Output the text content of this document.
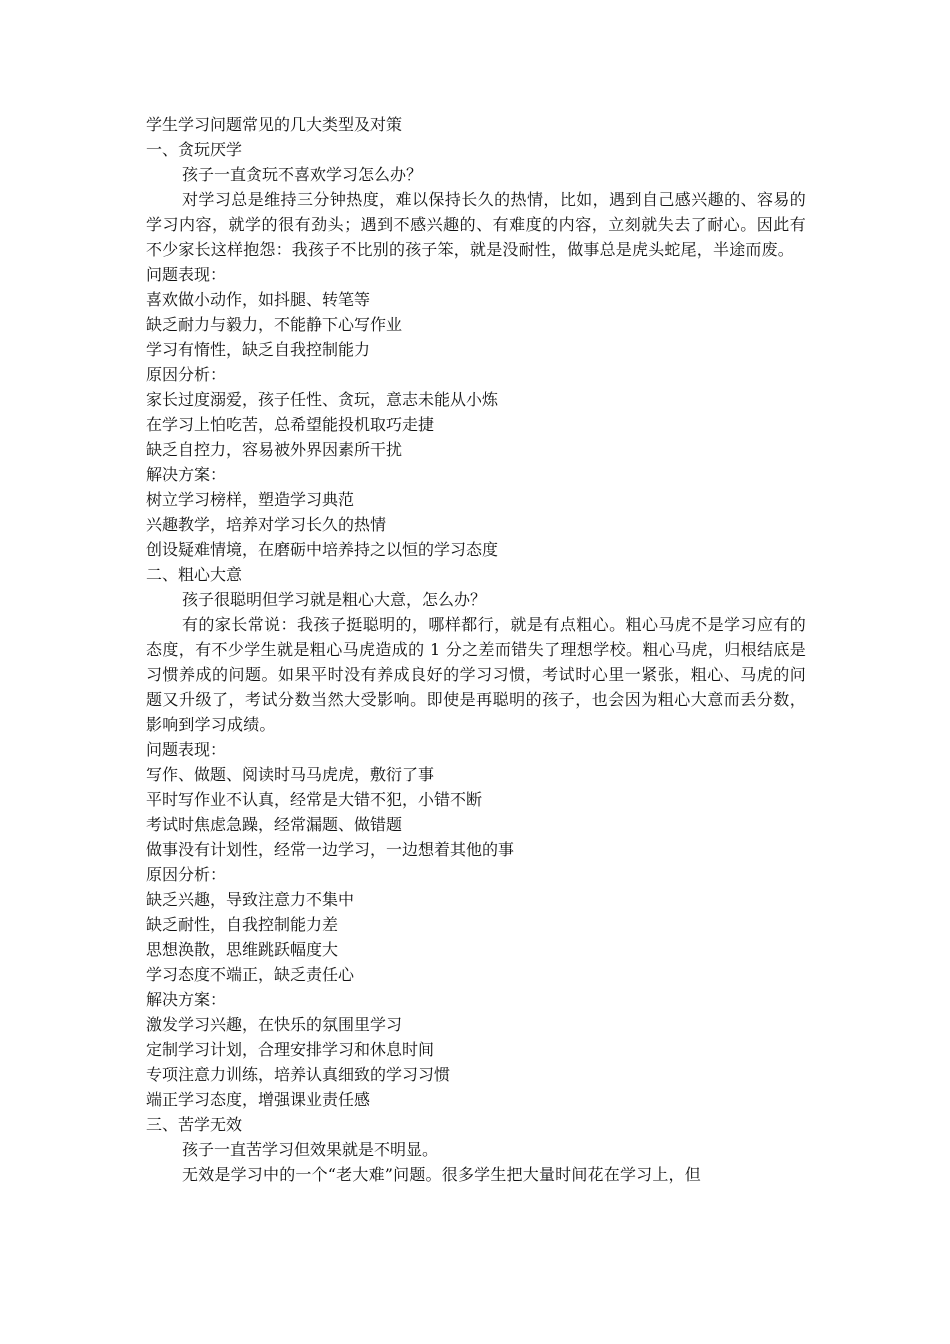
学生学习问题常见的几大类型及对策
一、贪玩厌学
孩子一直贪玩不喜欢学习怎么办？
对学习总是维持三分钟热度，难以保持长久的热情，比如，遇到自己感兴趣的、容易的学习内容，就学的很有劲头；遇到不感兴趣的、有难度的内容，立刻就失去了耐心。因此有不少家长这样抱怨：我孩子不比别的孩子笨，就是没耐性，做事总是虎头蛇尾，半途而废。
问题表现：
喜欢做小动作，如抖腿、转笔等
缺乏耐力与毅力，不能静下心写作业
学习有惰性，缺乏自我控制能力
原因分析：
家长过度溺爱，孩子任性、贪玩，意志未能从小炼
在学习上怕吃苦，总希望能投机取巧走捷
缺乏自控力，容易被外界因素所干扰
解决方案：
树立学习榜样，塑造学习典范
兴趣教学，培养对学习长久的热情
创设疑难情境，在磨砺中培养持之以恒的学习态度
二、粗心大意
孩子很聪明但学习就是粗心大意，怎么办？
有的家长常说：我孩子挺聪明的，哪样都行，就是有点粗心。粗心马虎不是学习应有的态度，有不少学生就是粗心马虎造成的 1 分之差而错失了理想学校。粗心马虎，归根结底是习惯养成的问题。如果平时没有养成良好的学习习惯，考试时心里一紧张，粗心、马虎的问题又升级了，考试分数当然大受影响。即使是再聪明的孩子，也会因为粗心大意而丢分数，影响到学习成绩。
问题表现：
写作、做题、阅读时马马虎虎，敷衍了事
平时写作业不认真，经常是大错不犯，小错不断
考试时焦虑急躁，经常漏题、做错题
做事没有计划性，经常一边学习，一边想着其他的事
原因分析：
缺乏兴趣，导致注意力不集中
缺乏耐性，自我控制能力差
思想涣散，思维跳跃幅度大
学习态度不端正，缺乏责任心
解决方案：
激发学习兴趣，在快乐的氛围里学习
定制学习计划，合理安排学习和休息时间
专项注意力训练，培养认真细致的学习习惯
端正学习态度，增强课业责任感
三、苦学无效
孩子一直苦学习但效果就是不明显。
无效是学习中的一个“老大难”问题。很多学生把大量时间花在学习上，但
